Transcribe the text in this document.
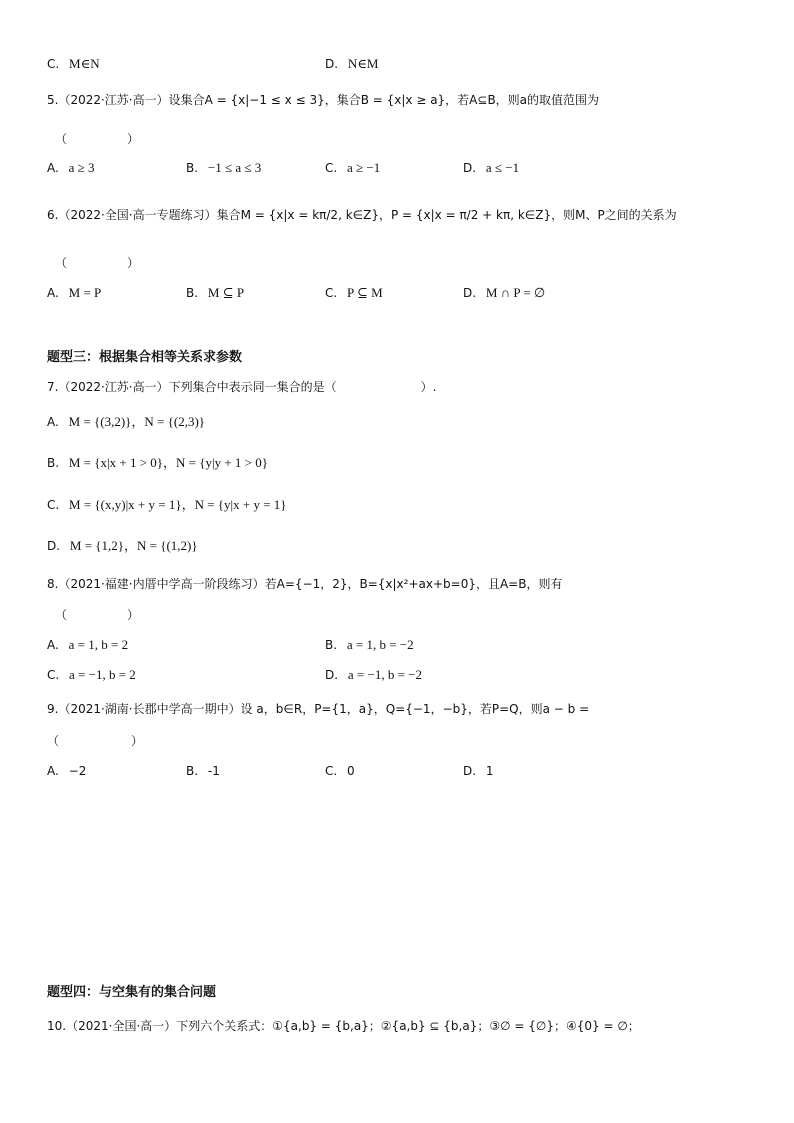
C. M∈N	D. N∈M
5.（2022·江苏·高一）设集合A = {x|−1 ≤ x ≤ 3}，集合B = {x|x ≥ a}，若A⊆B，则a的取值范围为
（　　　　　）
A. a ≥ 3	B. −1 ≤ a ≤ 3	C. a ≥ −1	D. a ≤ −1
6.（2022·全国·高一专题练习）集合M = {x|x = kπ/2, k∈Z}，P = {x|x = π/2 + kπ, k∈Z}，则M、P之间的关系为
（　　　　　）
A. M = P	B. M ⊆ P	C. P ⊆ M	D. M ∩ P = ∅
题型三：根据集合相等关系求参数
7.（2022·江苏·高一）下列集合中表示同一集合的是（　　　　　　　）.
A. M = {(3,2)}，N = {(2,3)}
B. M = {x|x + 1 > 0}，N = {y|y + 1 > 0}
C. M = {(x,y)|x + y = 1}，N = {y|x + y = 1}
D. M = {1,2}，N = {(1,2)}
8.（2021·福建·内厝中学高一阶段练习）若A={−1，2}，B={x|x²+ax+b=0}，且A=B，则有
（　　　　　）
A. a = 1, b = 2	B. a = 1, b = −2
C. a = −1, b = 2	D. a = −1, b = −2
9.（2021·湖南·长郡中学高一期中）设 a，b∈R，P={1，a}，Q={−1，−b}，若P=Q，则a − b =
（　　　　　　）
A. −2	B. -1	C. 0	D. 1
题型四：与空集有的集合问题
10.（2021·全国·高一）下列六个关系式：①{a,b} = {b,a}；②{a,b} ⊆ {b,a}；③∅ = {∅}；④{0} = ∅；
